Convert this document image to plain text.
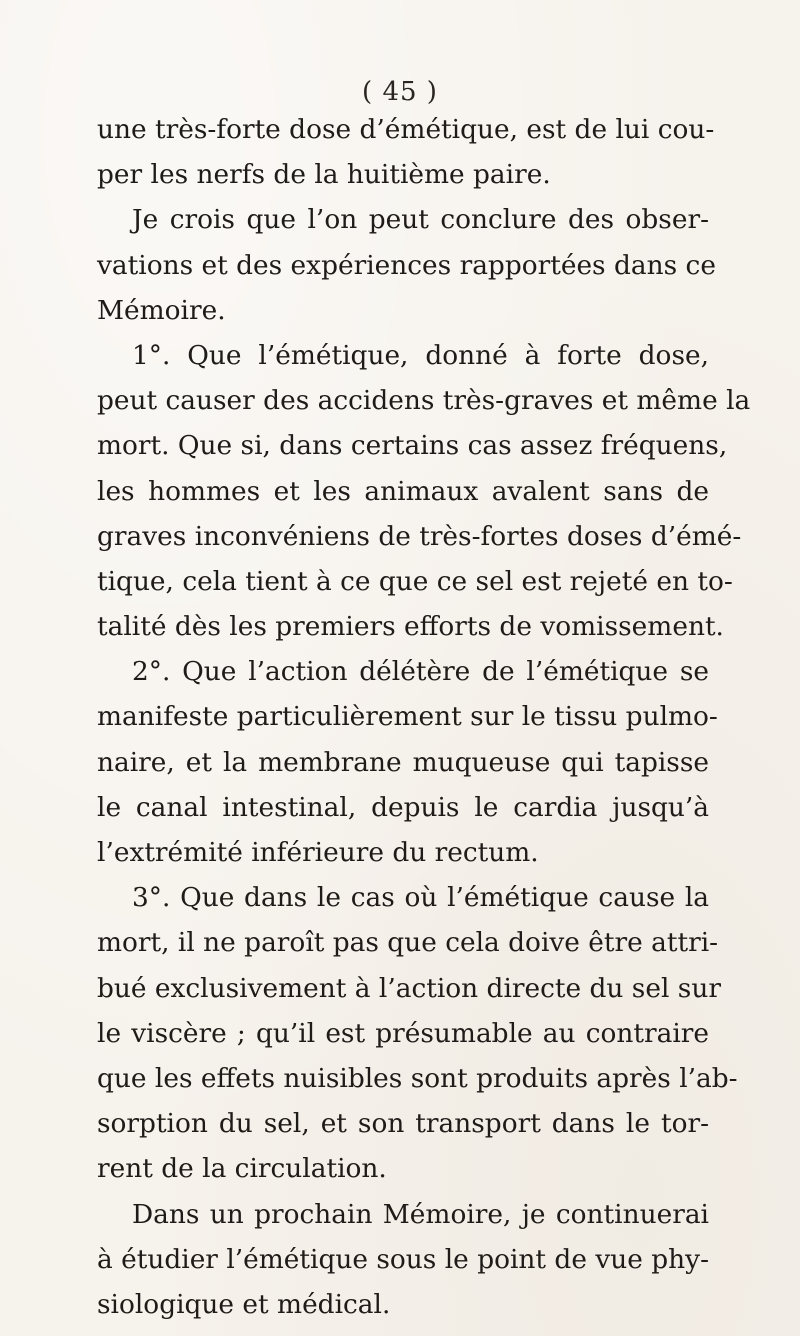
( 45 )
une très-forte dose d’émétique, est de lui cou-
per les nerfs de la huitième paire.
Je crois que l’on peut conclure des obser-
vations et des expériences rapportées dans ce
Mémoire.
1°. Que l’émétique, donné à forte dose,
peut causer des accidens très-graves et même la
mort. Que si, dans certains cas assez fréquens,
les hommes et les animaux avalent sans de
graves inconvéniens de très-fortes doses d’émé-
tique, cela tient à ce que ce sel est rejeté en to-
talité dès les premiers efforts de vomissement.
2°. Que l’action délétère de l’émétique se
manifeste particulièrement sur le tissu pulmo-
naire, et la membrane muqueuse qui tapisse
le canal intestinal, depuis le cardia jusqu’à
l’extrémité inférieure du rectum.
3°. Que dans le cas où l’émétique cause la
mort, il ne paroît pas que cela doive être attri-
bué exclusivement à l’action directe du sel sur
le viscère ; qu’il est présumable au contraire
que les effets nuisibles sont produits après l’ab-
sorption du sel, et son transport dans le tor-
rent de la circulation.
Dans un prochain Mémoire, je continuerai
à étudier l’émétique sous le point de vue phy-
siologique et médical.
